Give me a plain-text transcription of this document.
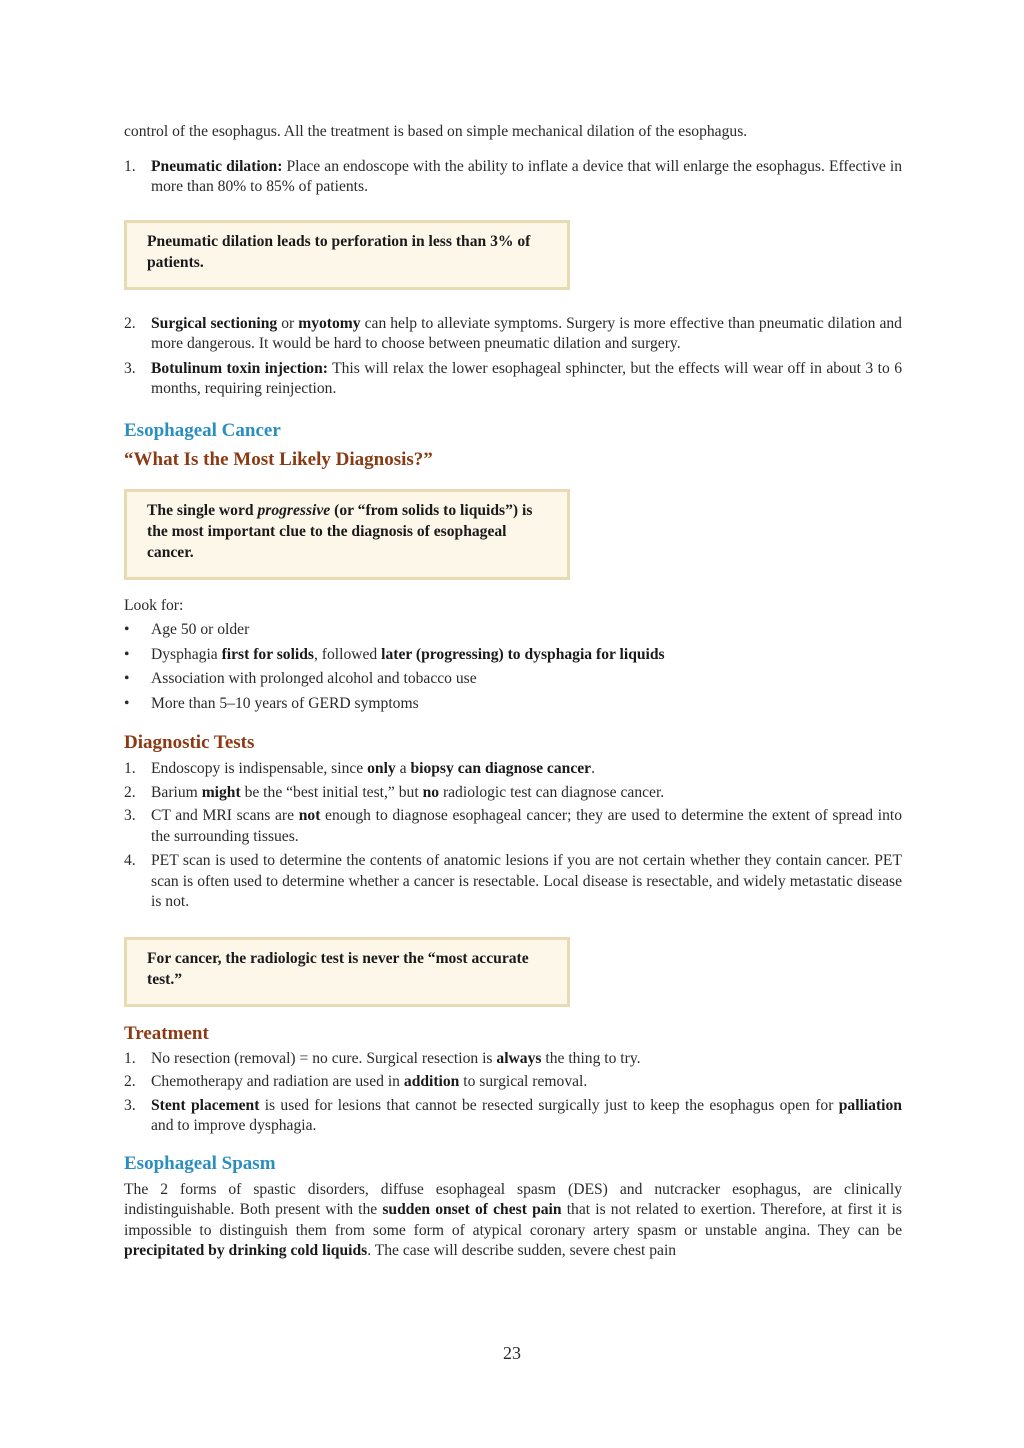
control of the esophagus. All the treatment is based on simple mechanical dilation of the esophagus.

1. Pneumatic dilation: Place an endoscope with the ability to inflate a device that will enlarge the esophagus. Effective in more than 80% to 85% of patients.
Pneumatic dilation leads to perforation in less than 3% of patients.
2. Surgical sectioning or myotomy can help to alleviate symptoms. Surgery is more effective than pneumatic dilation and more dangerous. It would be hard to choose between pneumatic dilation and surgery.
3. Botulinum toxin injection: This will relax the lower esophageal sphincter, but the effects will wear off in about 3 to 6 months, requiring reinjection.
Esophageal Cancer
“What Is the Most Likely Diagnosis?”
The single word progressive (or “from solids to liquids”) is the most important clue to the diagnosis of esophageal cancer.

Look for:

• Age 50 or older
• Dysphagia first for solids, followed later (progressing) to dysphagia for liquids
• Association with prolonged alcohol and tobacco use
• More than 5–10 years of GERD symptoms
Diagnostic Tests
1. Endoscopy is indispensable, since only a biopsy can diagnose cancer.
2. Barium might be the “best initial test,” but no radiologic test can diagnose cancer.
3. CT and MRI scans are not enough to diagnose esophageal cancer; they are used to determine the extent of spread into the surrounding tissues.
4. PET scan is used to determine the contents of anatomic lesions if you are not certain whether they contain cancer. PET scan is often used to determine whether a cancer is resectable. Local disease is resectable, and widely metastatic disease is not.
For cancer, the radiologic test is never the “most accurate test.”
Treatment
1. No resection (removal) = no cure. Surgical resection is always the thing to try.
2. Chemotherapy and radiation are used in addition to surgical removal.
3. Stent placement is used for lesions that cannot be resected surgically just to keep the esophagus open for palliation and to improve dysphagia.
Esophageal Spasm

The 2 forms of spastic disorders, diffuse esophageal spasm (DES) and nutcracker esophagus, are clinically indistinguishable. Both present with the sudden onset of chest pain that is not related to exertion. Therefore, at first it is impossible to distinguish them from some form of atypical coronary artery spasm or unstable angina. They can be precipitated by drinking cold liquids. The case will describe sudden, severe chest pain

23
